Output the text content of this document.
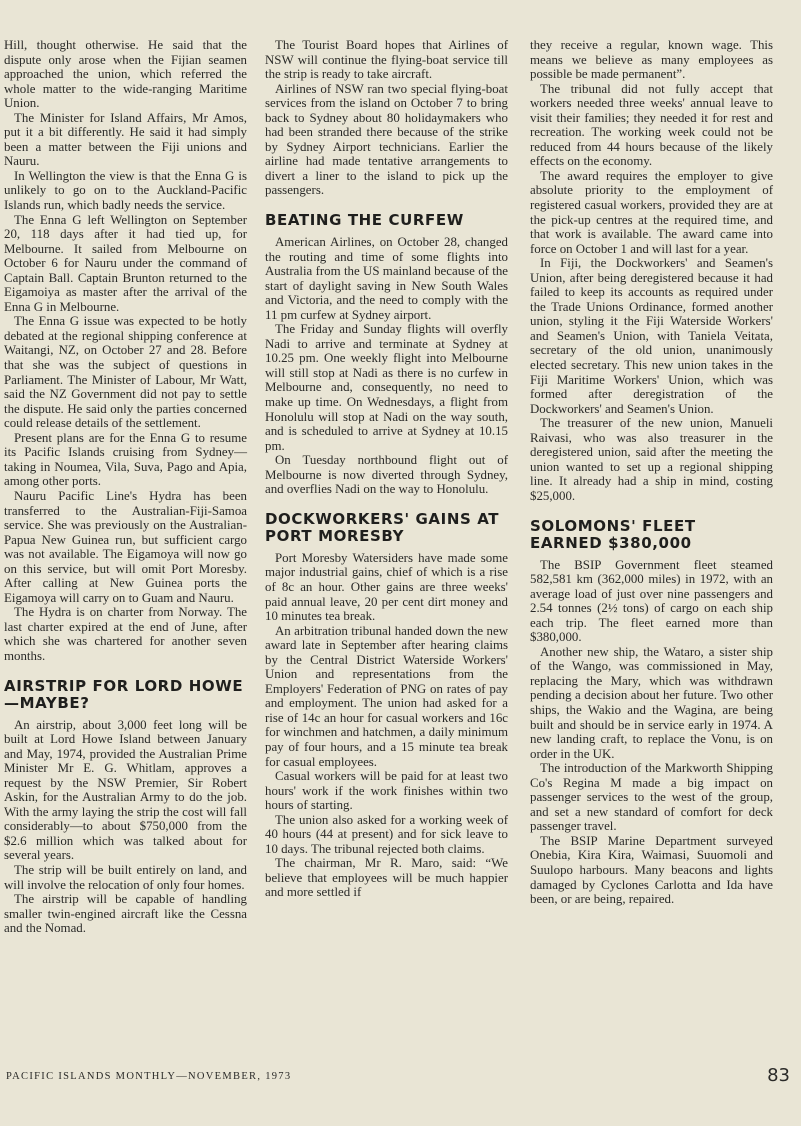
Hill, thought otherwise. He said that the dispute only arose when the Fijian seamen approached the union, which referred the whole matter to the wide-ranging Maritime Union.

The Minister for Island Affairs, Mr Amos, put it a bit differently. He said it had simply been a matter between the Fiji unions and Nauru.

In Wellington the view is that the Enna G is unlikely to go on to the Auckland-Pacific Islands run, which badly needs the service.

The Enna G left Wellington on September 20, 118 days after it had tied up, for Melbourne. It sailed from Melbourne on October 6 for Nauru under the command of Captain Ball. Captain Brunton returned to the Eigamoiya as master after the arrival of the Enna G in Melbourne.

The Enna G issue was expected to be hotly debated at the regional shipping conference at Waitangi, NZ, on October 27 and 28. Before that she was the subject of questions in Parliament. The Minister of Labour, Mr Watt, said the NZ Government did not pay to settle the dispute. He said only the parties concerned could release details of the settlement.

Present plans are for the Enna G to resume its Pacific Islands cruising from Sydney—taking in Noumea, Vila, Suva, Pago and Apia, among other ports.

Nauru Pacific Line's Hydra has been transferred to the Australian-Fiji-Samoa service. She was previously on the Australian-Papua New Guinea run, but sufficient cargo was not available. The Eigamoya will now go on this service, but will omit Port Moresby. After calling at New Guinea ports the Eigamoya will carry on to Guam and Nauru.

The Hydra is on charter from Norway. The last charter expired at the end of June, after which she was chartered for another seven months.

AIRSTRIP FOR LORD HOWE—MAYBE?

An airstrip, about 3,000 feet long will be built at Lord Howe Island between January and May, 1974, provided the Australian Prime Minister Mr E. G. Whitlam, approves a request by the NSW Premier, Sir Robert Askin, for the Australian Army to do the job. With the army laying the strip the cost will fall considerably—to about $750,000 from the $2.6 million which was talked about for several years.

The strip will be built entirely on land, and will involve the relocation of only four homes.

The airstrip will be capable of handling smaller twin-engined aircraft like the Cessna and the Nomad.

The Tourist Board hopes that Airlines of NSW will continue the flying-boat service till the strip is ready to take aircraft.

Airlines of NSW ran two special flying-boat services from the island on October 7 to bring back to Sydney about 80 holidaymakers who had been stranded there because of the strike by Sydney Airport technicians. Earlier the airline had made tentative arrangements to divert a liner to the island to pick up the passengers.

BEATING THE CURFEW

American Airlines, on October 28, changed the routing and time of some flights into Australia from the US mainland because of the start of daylight saving in New South Wales and Victoria, and the need to comply with the 11 pm curfew at Sydney airport.

The Friday and Sunday flights will overfly Nadi to arrive and terminate at Sydney at 10.25 pm. One weekly flight into Melbourne will still stop at Nadi as there is no curfew in Melbourne and, consequently, no need to make up time. On Wednesdays, a flight from Honolulu will stop at Nadi on the way south, and is scheduled to arrive at Sydney at 10.15 pm.

On Tuesday northbound flight out of Melbourne is now diverted through Sydney, and overflies Nadi on the way to Honolulu.

DOCKWORKERS' GAINS AT PORT MORESBY

Port Moresby Watersiders have made some major industrial gains, chief of which is a rise of 8c an hour. Other gains are three weeks' paid annual leave, 20 per cent dirt money and 10 minutes tea break.

An arbitration tribunal handed down the new award late in September after hearing claims by the Central District Waterside Workers' Union and representations from the Employers' Federation of PNG on rates of pay and employment. The union had asked for a rise of 14c an hour for casual workers and 16c for winchmen and hatchmen, a daily minimum pay of four hours, and a 15 minute tea break for casual employees.

Casual workers will be paid for at least two hours' work if the work finishes within two hours of starting.

The union also asked for a working week of 40 hours (44 at present) and for sick leave to 10 days. The tribunal rejected both claims.

The chairman, Mr R. Maro, said: “We believe that employees will be much happier and more settled if

they receive a regular, known wage. This means we believe as many employees as possible be made permanent”.

The tribunal did not fully accept that workers needed three weeks' annual leave to visit their families; they needed it for rest and recreation. The working week could not be reduced from 44 hours because of the likely effects on the economy.

The award requires the employer to give absolute priority to the employment of registered casual workers, provided they are at the pick-up centres at the required time, and that work is available. The award came into force on October 1 and will last for a year.

In Fiji, the Dockworkers' and Seamen's Union, after being deregistered because it had failed to keep its accounts as required under the Trade Unions Ordinance, formed another union, styling it the Fiji Waterside Workers' and Seamen's Union, with Taniela Veitata, secretary of the old union, unanimously elected secretary. This new union takes in the Fiji Maritime Workers' Union, which was formed after deregistration of the Dockworkers' and Seamen's Union.

The treasurer of the new union, Manueli Raivasi, who was also treasurer in the deregistered union, said after the meeting the union wanted to set up a regional shipping line. It already had a ship in mind, costing $25,000.

SOLOMONS' FLEET EARNED $380,000

The BSIP Government fleet steamed 582,581 km (362,000 miles) in 1972, with an average load of just over nine passengers and 2.54 tonnes (2½ tons) of cargo on each ship each trip. The fleet earned more than $380,000.

Another new ship, the Wataro, a sister ship of the Wango, was commissioned in May, replacing the Mary, which was withdrawn pending a decision about her future. Two other ships, the Wakio and the Wagina, are being built and should be in service early in 1974. A new landing craft, to replace the Vonu, is on order in the UK.

The introduction of the Markworth Shipping Co's Regina M made a big impact on passenger services to the west of the group, and set a new standard of comfort for deck passenger travel.

The BSIP Marine Department surveyed Onebia, Kira Kira, Waimasi, Suuomoli and Suulopo harbours. Many beacons and lights damaged by Cyclones Carlotta and Ida have been, or are being, repaired.

PACIFIC ISLANDS MONTHLY—NOVEMBER, 1973	83
